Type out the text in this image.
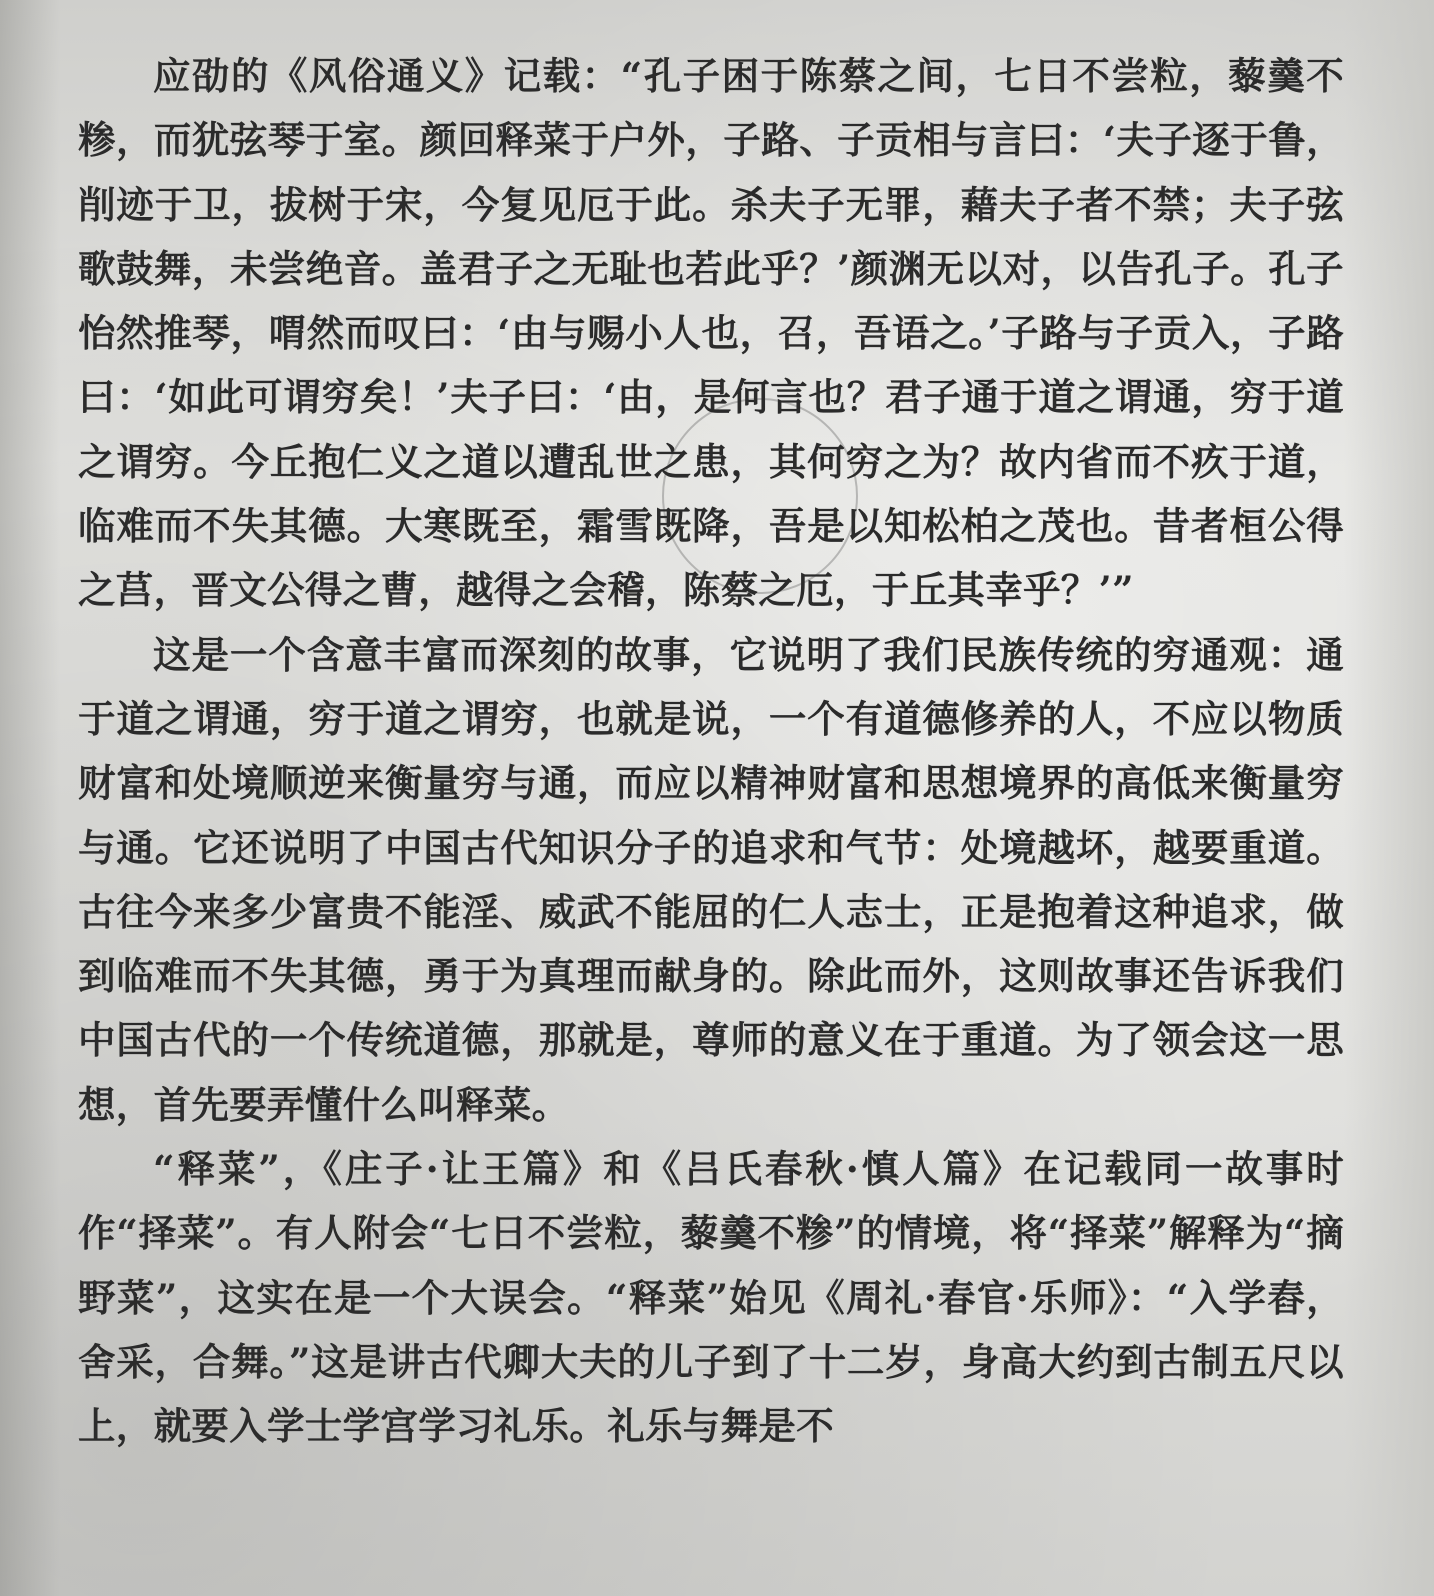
应劭的《风俗通义》记载：“孔子困于陈蔡之间，七日不尝粒，藜羹不糁，而犹弦琴于室。颜回释菜于户外，子路、子贡相与言曰：‘夫子逐于鲁，削迹于卫，拔树于宋，今复见厄于此。杀夫子无罪，藉夫子者不禁；夫子弦歌鼓舞，未尝绝音。盖君子之无耻也若此乎？’颜渊无以对，以告孔子。孔子怡然推琴，喟然而叹曰：‘由与赐小人也，召，吾语之。’子路与子贡入，子路曰：‘如此可谓穷矣！’夫子曰：‘由，是何言也？君子通于道之谓通，穷于道之谓穷。今丘抱仁义之道以遭乱世之患，其何穷之为？故内省而不疚于道，临难而不失其德。大寒既至，霜雪既降，吾是以知松柏之茂也。昔者桓公得之莒，晋文公得之曹，越得之会稽，陈蔡之厄，于丘其幸乎？’”

这是一个含意丰富而深刻的故事，它说明了我们民族传统的穷通观：通于道之谓通，穷于道之谓穷，也就是说，一个有道德修养的人，不应以物质财富和处境顺逆来衡量穷与通，而应以精神财富和思想境界的高低来衡量穷与通。它还说明了中国古代知识分子的追求和气节：处境越坏，越要重道。古往今来多少富贵不能淫、威武不能屈的仁人志士，正是抱着这种追求，做到临难而不失其德，勇于为真理而献身的。除此而外，这则故事还告诉我们中国古代的一个传统道德，那就是，尊师的意义在于重道。为了领会这一思想，首先要弄懂什么叫释菜。

“释菜”，《庄子·让王篇》和《吕氏春秋·慎人篇》在记载同一故事时作“择菜”。有人附会“七日不尝粒，藜羹不糁”的情境，将“择菜”解释为“摘野菜”，这实在是一个大误会。“释菜”始见《周礼·春官·乐师》：“入学舂，舍采，合舞。”这是讲古代卿大夫的儿子到了十二岁，身高大约到古制五尺以上，就要入学士学宫学习礼乐。礼乐与舞是不
